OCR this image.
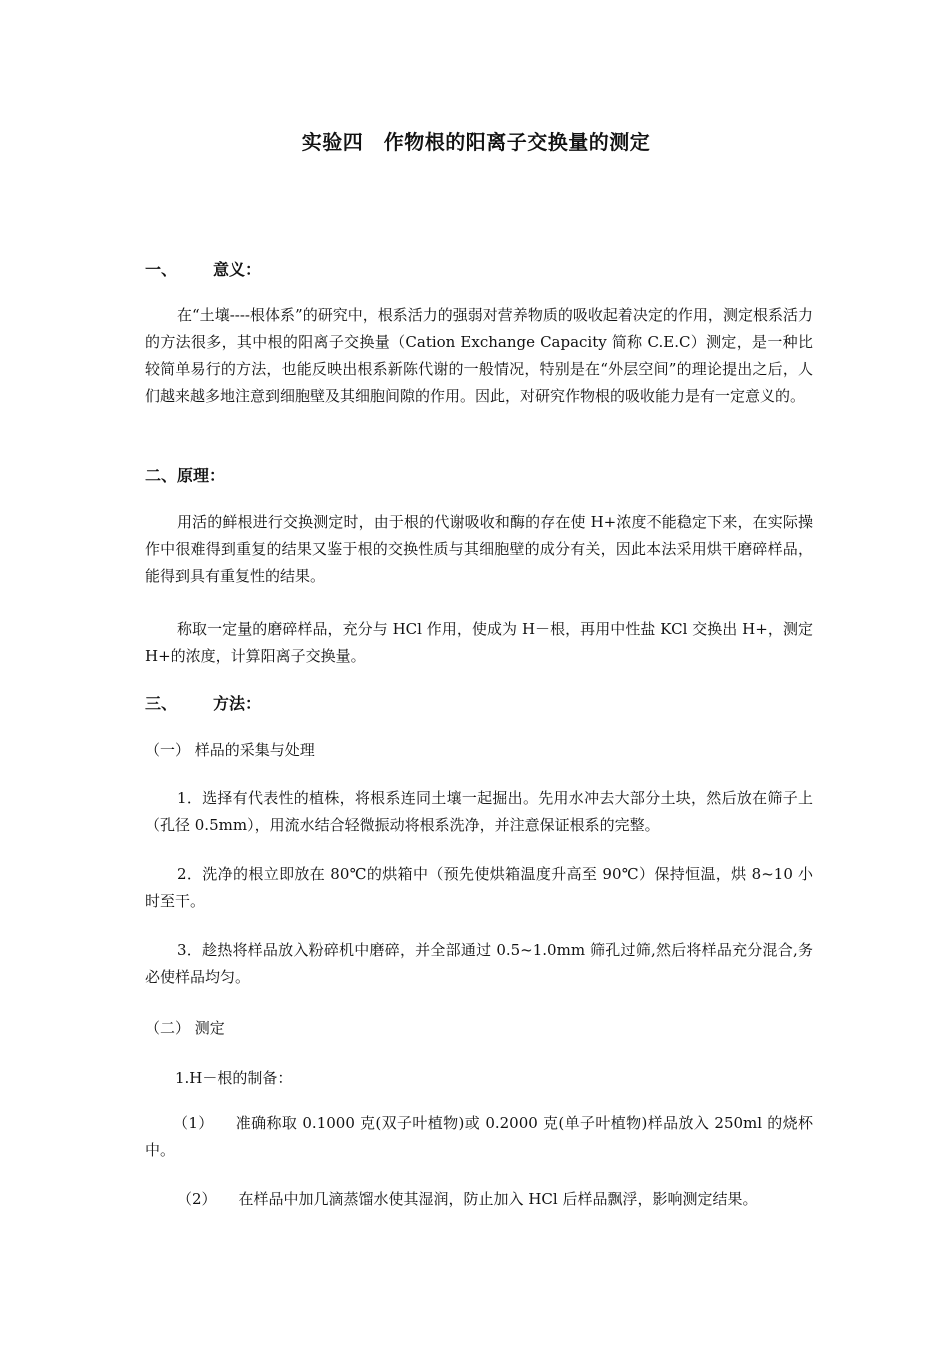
实验四　作物根的阳离子交换量的测定
一、 意义：
在“土壤----根体系”的研究中，根系活力的强弱对营养物质的吸收起着决定的作用，测定根系活力的方法很多，其中根的阳离子交换量（Cation Exchange Capacity 简称 C.E.C）测定，是一种比较简单易行的方法，也能反映出根系新陈代谢的一般情况，特别是在“外层空间”的理论提出之后，人们越来越多地注意到细胞壁及其细胞间隙的作用。因此，对研究作物根的吸收能力是有一定意义的。
二、原理：
用活的鲜根进行交换测定时，由于根的代谢吸收和酶的存在使 H+浓度不能稳定下来，在实际操作中很难得到重复的结果又鉴于根的交换性质与其细胞壁的成分有关，因此本法采用烘干磨碎样品，能得到具有重复性的结果。
称取一定量的磨碎样品，充分与 HCl 作用，使成为 H－根，再用中性盐 KCl 交换出 H+，测定 H+的浓度，计算阳离子交换量。
三、 方法：
（一） 样品的采集与处理
1．选择有代表性的植株，将根系连同土壤一起掘出。先用水冲去大部分土块，然后放在筛子上（孔径 0.5mm），用流水结合轻微振动将根系洗净，并注意保证根系的完整。
2．洗净的根立即放在 80℃的烘箱中（预先使烘箱温度升高至 90℃）保持恒温，烘 8~10 小时至干。
3．趁热将样品放入粉碎机中磨碎，并全部通过 0.5~1.0mm 筛孔过筛,然后将样品充分混合,务必使样品均匀。
（二） 测定
1.H－根的制备：
（1） 准确称取 0.1000 克(双子叶植物)或 0.2000 克(单子叶植物)样品放入 250ml 的烧杯中。
（2） 在样品中加几滴蒸馏水使其湿润，防止加入 HCl 后样品飘浮，影响测定结果。
